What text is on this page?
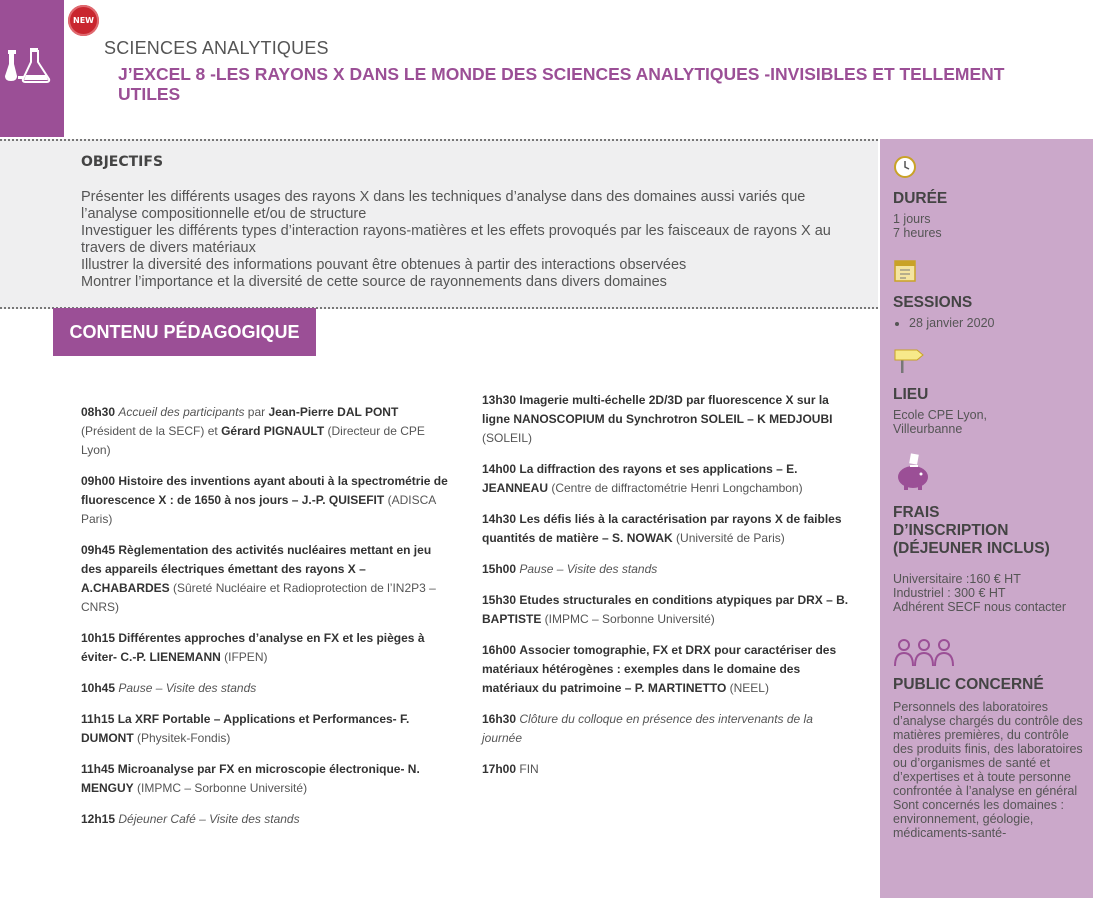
NEW
SCIENCES ANALYTIQUES
J’EXCEL 8 -LES RAYONS X DANS LE MONDE DES SCIENCES ANALYTIQUES -INVISIBLES ET TELLEMENT UTILES
OBJECTIFS
Présenter les différents usages des rayons X dans les techniques d’analyse dans des domaines aussi variés que l’analyse compositionnelle et/ou de structure
Investiguer les différents types d’interaction rayons-matières et les effets provoqués par les faisceaux de rayons X au travers de divers matériaux
Illustrer la diversité des informations pouvant être obtenues à partir des interactions observées
Montrer l’importance et la diversité de cette source de rayonnements dans divers domaines
CONTENU PÉDAGOGIQUE
08h30 Accueil des participants par Jean-Pierre DAL PONT (Président de la SECF) et Gérard PIGNAULT (Directeur de CPE Lyon)
09h00 Histoire des inventions ayant abouti à la spectrométrie de fluorescence X : de 1650 à nos jours – J.-P. QUISEFIT (ADISCA Paris)
09h45 Règlementation des activités nucléaires mettant en jeu des appareils électriques émettant des rayons X – A.CHABARDES (Sûreté Nucléaire et Radioprotection de l’IN2P3 – CNRS)
10h15 Différentes approches d’analyse en FX et les pièges à éviter- C.-P. LIENEMANN (IFPEN)
10h45 Pause – Visite des stands
11h15 La XRF Portable – Applications et Performances- F. DUMONT (Physitek-Fondis)
11h45 Microanalyse par FX en microscopie électronique- N. MENGUY (IMPMC – Sorbonne Université)
12h15 Déjeuner Café – Visite des stands
13h30 Imagerie multi-échelle 2D/3D par fluorescence X sur la ligne NANOSCOPIUM du Synchrotron SOLEIL – K MEDJOUBI (SOLEIL)
14h00 La diffraction des rayons et ses applications – E. JEANNEAU (Centre de diffractométrie Henri Longchambon)
14h30 Les défis liés à la caractérisation par rayons X de faibles quantités de matière – S. NOWAK (Université de Paris)
15h00 Pause – Visite des stands
15h30 Etudes structurales en conditions atypiques par DRX – B. BAPTISTE (IMPMC – Sorbonne Université)
16h00 Associer tomographie, FX et DRX pour caractériser des matériaux hétérogènes : exemples dans le domaine des matériaux du patrimoine – P. MARTINETTO (NEEL)
16h30 Clôture du colloque en présence des intervenants de la journée
17h00 FIN
DURÉE
1 jours
7 heures
SESSIONS
• 28 janvier 2020
LIEU
Ecole CPE Lyon,
Villeurbanne
FRAIS
D’INSCRIPTION
(DÉJEUNER INCLUS)
Universitaire :160 € HT
Industriel : 300 € HT
Adhérent SECF nous contacter
PUBLIC CONCERNÉ
Personnels des laboratoires d’analyse chargés du contrôle des matières premières, du contrôle des produits finis, des laboratoires ou d’organismes de santé et d’expertises et à toute personne confrontée à l’analyse en général Sont concernés les domaines : environnement, géologie, médicaments-santé-
